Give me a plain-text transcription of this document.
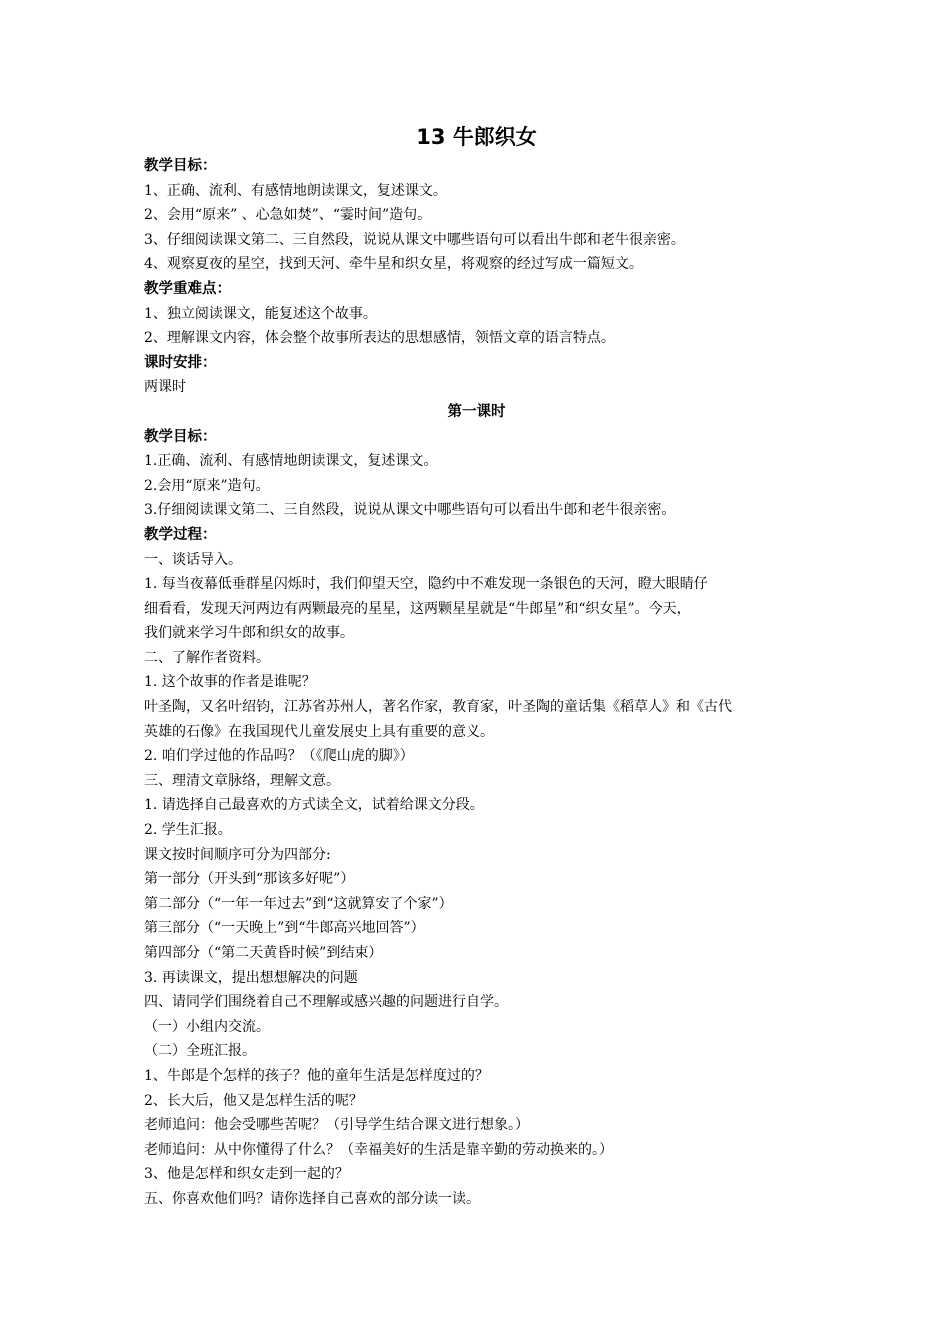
13 牛郎织女
教学目标：
1、正确、流利、有感情地朗读课文，复述课文。
2、会用“原来” 、心急如焚”、“霎时间”造句。
3、仔细阅读课文第二、三自然段，说说从课文中哪些语句可以看出牛郎和老牛很亲密。
4、观察夏夜的星空，找到天河、牵牛星和织女星，将观察的经过写成一篇短文。
教学重难点：
1、独立阅读课文，能复述这个故事。
2、理解课文内容，体会整个故事所表达的思想感情，领悟文章的语言特点。
课时安排：
两课时
第一课时
教学目标：
1.正确、流利、有感情地朗读课文，复述课文。
2.会用“原来”造句。
3.仔细阅读课文第二、三自然段，说说从课文中哪些语句可以看出牛郎和老牛很亲密。
教学过程：
一、谈话导入。
1. 每当夜幕低垂群星闪烁时，我们仰望天空，隐约中不难发现一条银色的天河，瞪大眼睛仔
细看看，发现天河两边有两颗最亮的星星，这两颗星星就是“牛郎星”和“织女星”。今天，
我们就来学习牛郎和织女的故事。
二、了解作者资料。
1. 这个故事的作者是谁呢？
叶圣陶，又名叶绍钧，江苏省苏州人，著名作家，教育家，叶圣陶的童话集《稻草人》和《古代
英雄的石像》在我国现代儿童发展史上具有重要的意义。
2. 咱们学过他的作品吗？（《爬山虎的脚》）
三、理清文章脉络，理解文意。
1. 请选择自己最喜欢的方式读全文，试着给课文分段。
2. 学生汇报。
课文按时间顺序可分为四部分:
第一部分（开头到“那该多好呢”）
第二部分（“一年一年过去”到“这就算安了个家”）
第三部分（“一天晚上”到“牛郎高兴地回答”）
第四部分（“第二天黄昏时候”到结束）
3. 再读课文，提出想想解决的问题
四、请同学们围绕着自己不理解或感兴趣的问题进行自学。
（一）小组内交流。
（二）全班汇报。
1、牛郎是个怎样的孩子？他的童年生活是怎样度过的？
2、长大后，他又是怎样生活的呢？
老师追问：他会受哪些苦呢？（引导学生结合课文进行想象。）
老师追问：从中你懂得了什么？（幸福美好的生活是靠辛勤的劳动换来的。）
3、他是怎样和织女走到一起的？
五、你喜欢他们吗？请你选择自己喜欢的部分读一读。
